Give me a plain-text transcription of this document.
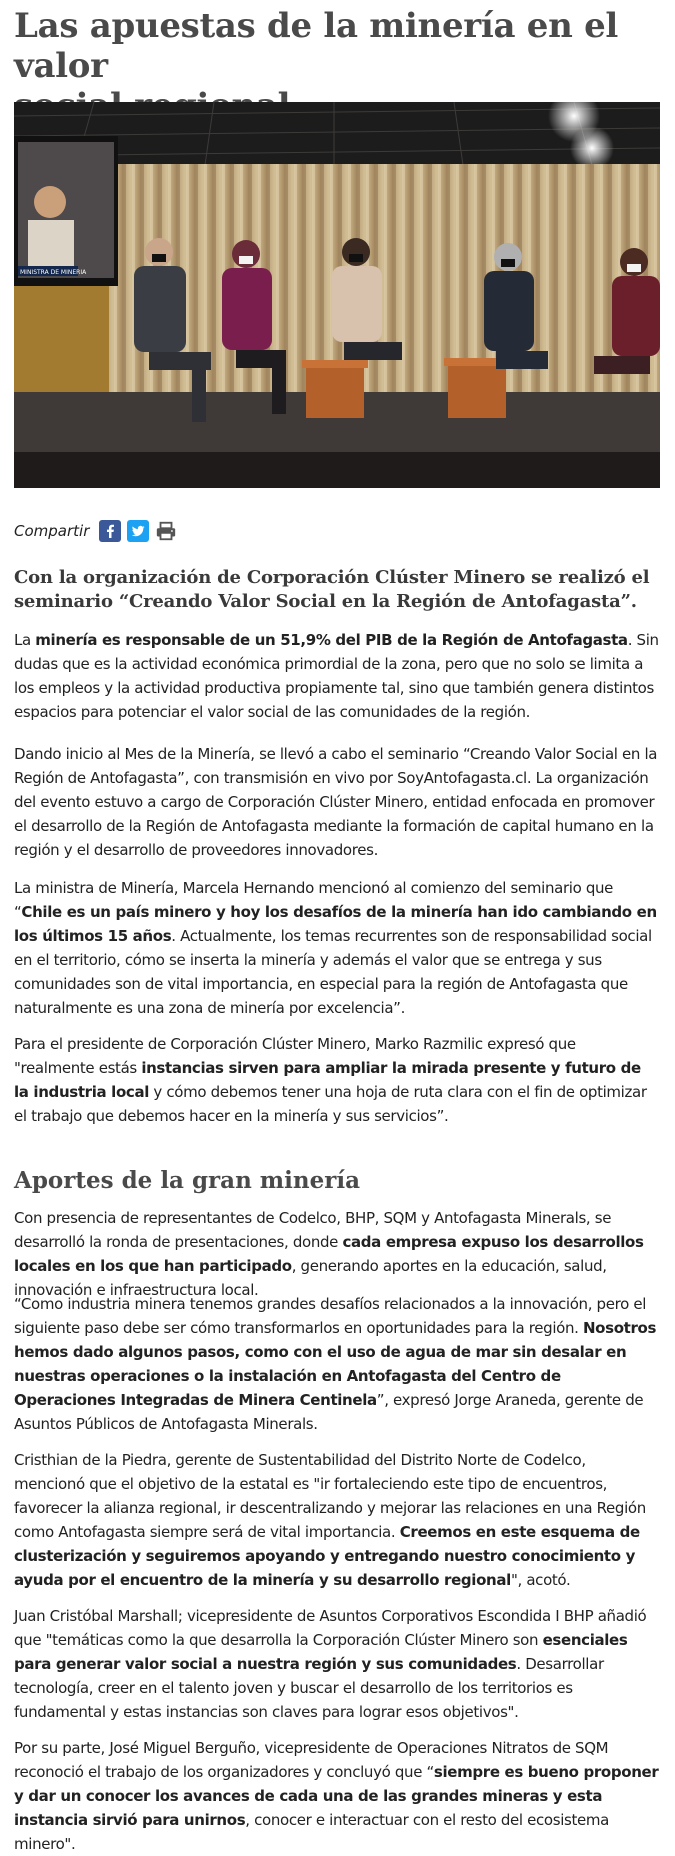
Las apuestas de la minería en el valor

MINISTRA DE MINERIA
Compartir
Con la organización de Corporación Clúster Minero se realizó el seminario “Creando Valor Social en la Región de Antofagasta”.

La minería es responsable de un 51,9% del PIB de la Región de Antofagasta. Sin dudas que es la actividad económica primordial de la zona, pero que no solo se limita a los empleos y la actividad productiva propiamente tal, sino que también genera distintos espacios para potenciar el valor social de las comunidades de la región.

Dando inicio al Mes de la Minería, se llevó a cabo el seminario “Creando Valor Social en la Región de Antofagasta”, con transmisión en vivo por SoyAntofagasta.cl. La organización del evento estuvo a cargo de Corporación Clúster Minero, entidad enfocada en promover el desarrollo de la Región de Antofagasta mediante la formación de capital humano en la región y el desarrollo de proveedores innovadores.

La ministra de Minería, Marcela Hernando mencionó al comienzo del seminario que “Chile es un país minero y hoy los desafíos de la minería han ido cambiando en los últimos 15 años. Actualmente, los temas recurrentes son de responsabilidad social en el territorio, cómo se inserta la minería y además el valor que se entrega y sus comunidades son de vital importancia, en especial para la región de Antofagasta que naturalmente es una zona de minería por excelencia”.

Para el presidente de Corporación Clúster Minero, Marko Razmilic expresó que "realmente estás instancias sirven para ampliar la mirada presente y futuro de la industria local y cómo debemos tener una hoja de ruta clara con el fin de optimizar el trabajo que debemos hacer en la minería y sus servicios”.

Aportes de la gran minería

Con presencia de representantes de Codelco, BHP, SQM y Antofagasta Minerals, se desarrolló la ronda de presentaciones, donde cada empresa expuso los desarrollos locales en los que han participado, generando aportes en la educación, salud, innovación e infraestructura local.

“Como industria minera tenemos grandes desafíos relacionados a la innovación, pero el siguiente paso debe ser cómo transformarlos en oportunidades para la región. Nosotros hemos dado algunos pasos, como con el uso de agua de mar sin desalar en nuestras operaciones o la instalación en Antofagasta del Centro de Operaciones Integradas de Minera Centinela”, expresó Jorge Araneda, gerente de Asuntos Públicos de Antofagasta Minerals.

Cristhian de la Piedra, gerente de Sustentabilidad del Distrito Norte de Codelco, mencionó que el objetivo de la estatal es "ir fortaleciendo este tipo de encuentros, favorecer la alianza regional, ir descentralizando y mejorar las relaciones en una Región como Antofagasta siempre será de vital importancia. Creemos en este esquema de clusterización y seguiremos apoyando y entregando nuestro conocimiento y ayuda por el encuentro de la minería y su desarrollo regional", acotó.

Juan Cristóbal Marshall; vicepresidente de Asuntos Corporativos Escondida I BHP añadió que "temáticas como la que desarrolla la Corporación Clúster Minero son esenciales para generar valor social a nuestra región y sus comunidades. Desarrollar tecnología, creer en el talento joven y buscar el desarrollo de los territorios es fundamental y estas instancias son claves para lograr esos objetivos".

Por su parte, José Miguel Berguño, vicepresidente de Operaciones Nitratos de SQM reconoció el trabajo de los organizadores y concluyó que “siempre es bueno proponer y dar un conocer los avances de cada una de las grandes mineras y esta instancia sirvió para unirnos, conocer e interactuar con el resto del ecosistema minero".
